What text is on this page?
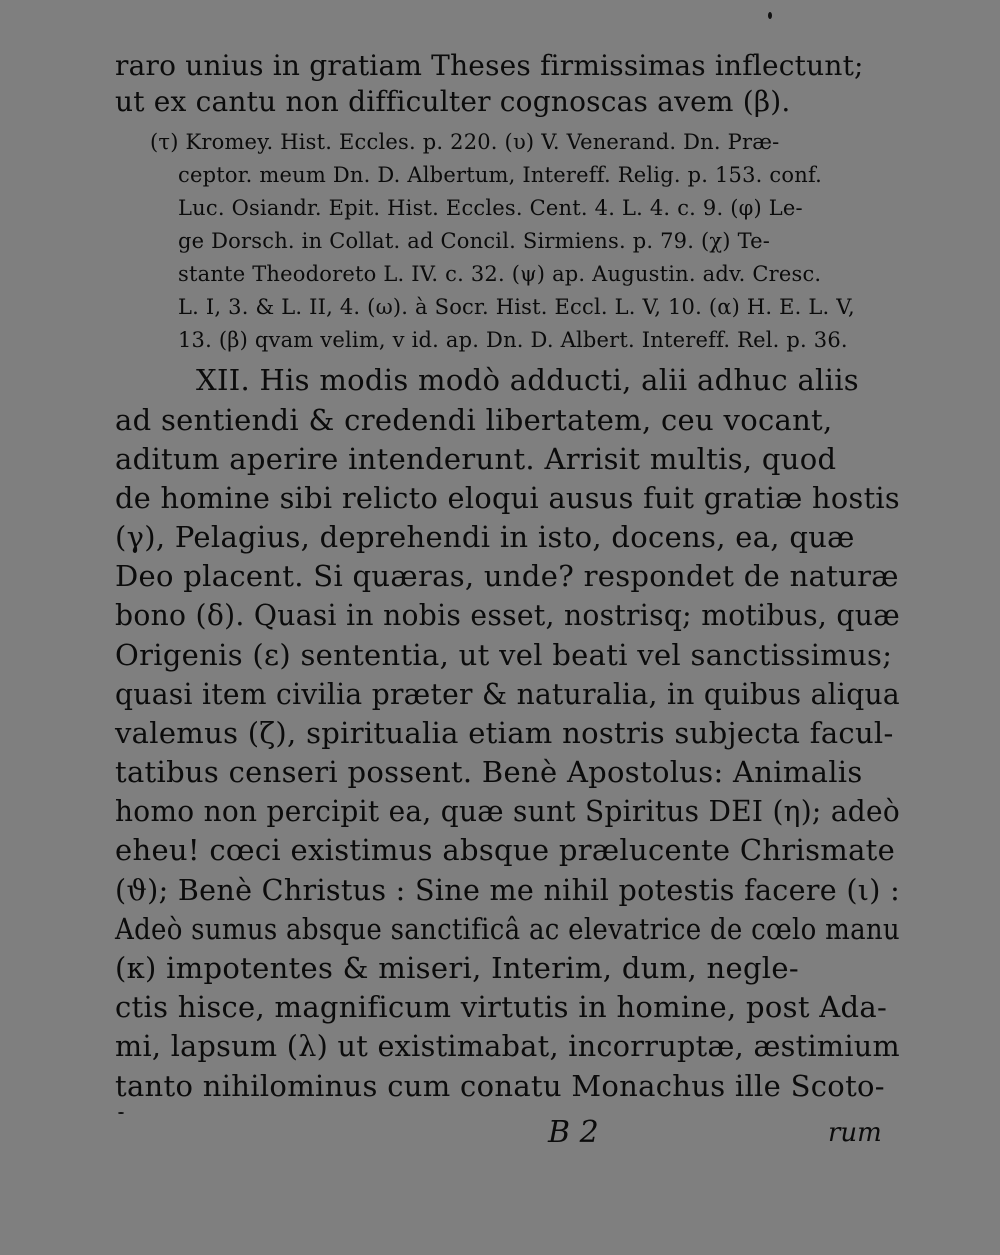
raro unius in gratiam Theses firmissimas inflectunt;
ut ex cantu non difficulter cognoscas avem (β).
(τ) Kromey. Hist. Eccles. p. 220. (υ) V. Venerand. Dn. Præ-
ceptor. meum Dn. D. Albertum, Intereff. Relig. p. 153. conf.
Luc. Osiandr. Epit. Hist. Eccles. Cent. 4. L. 4. c. 9. (φ) Le-
ge Dorsch. in Collat. ad Concil. Sirmiens. p. 79. (χ) Te-
stante Theodoreto L. IV. c. 32. (ψ) ap. Augustin. adv. Cresc.
L. I, 3. & L. II, 4. (ω). à Socr. Hist. Eccl. L. V, 10. (α) H. E. L. V,
13. (β) qvam velim, v id. ap. Dn. D. Albert. Intereff. Rel. p. 36.
XII. His modis modò adducti, alii adhuc aliis
ad sentiendi & credendi libertatem, ceu vocant,
aditum aperire intenderunt. Arrisit multis, quod
de homine sibi relicto eloqui ausus fuit gratiæ hostis
(γ), Pelagius, deprehendi in isto, docens, ea, quæ
Deo placent. Si quæras, unde? respondet de naturæ
bono (δ). Quasi in nobis esset, nostrisq; motibus, quæ
Origenis (ε) sententia, ut vel beati vel sanctissimus;
quasi item civilia præter & naturalia, in quibus aliqua
valemus (ζ), spiritualia etiam nostris subjecta facul-
tatibus censeri possent. Benè Apostolus: Animalis
homo non percipit ea, quæ sunt Spiritus DEI (η); adeò
eheu! cœci existimus absque prælucente Chrismate
(ϑ); Benè Christus : Sine me nihil potestis facere (ι) :
Adeò sumus absque sanctificâ ac elevatrice de cœlo manu
(κ) impotentes & miseri, Interim, dum, negle-
ctis hisce, magnificum virtutis in homine, post Ada-
mi, lapsum (λ) ut existimabat, incorruptæ, æstimium
tanto nihilominus cum conatu Monachus ille Scoto-
B 2	rum
